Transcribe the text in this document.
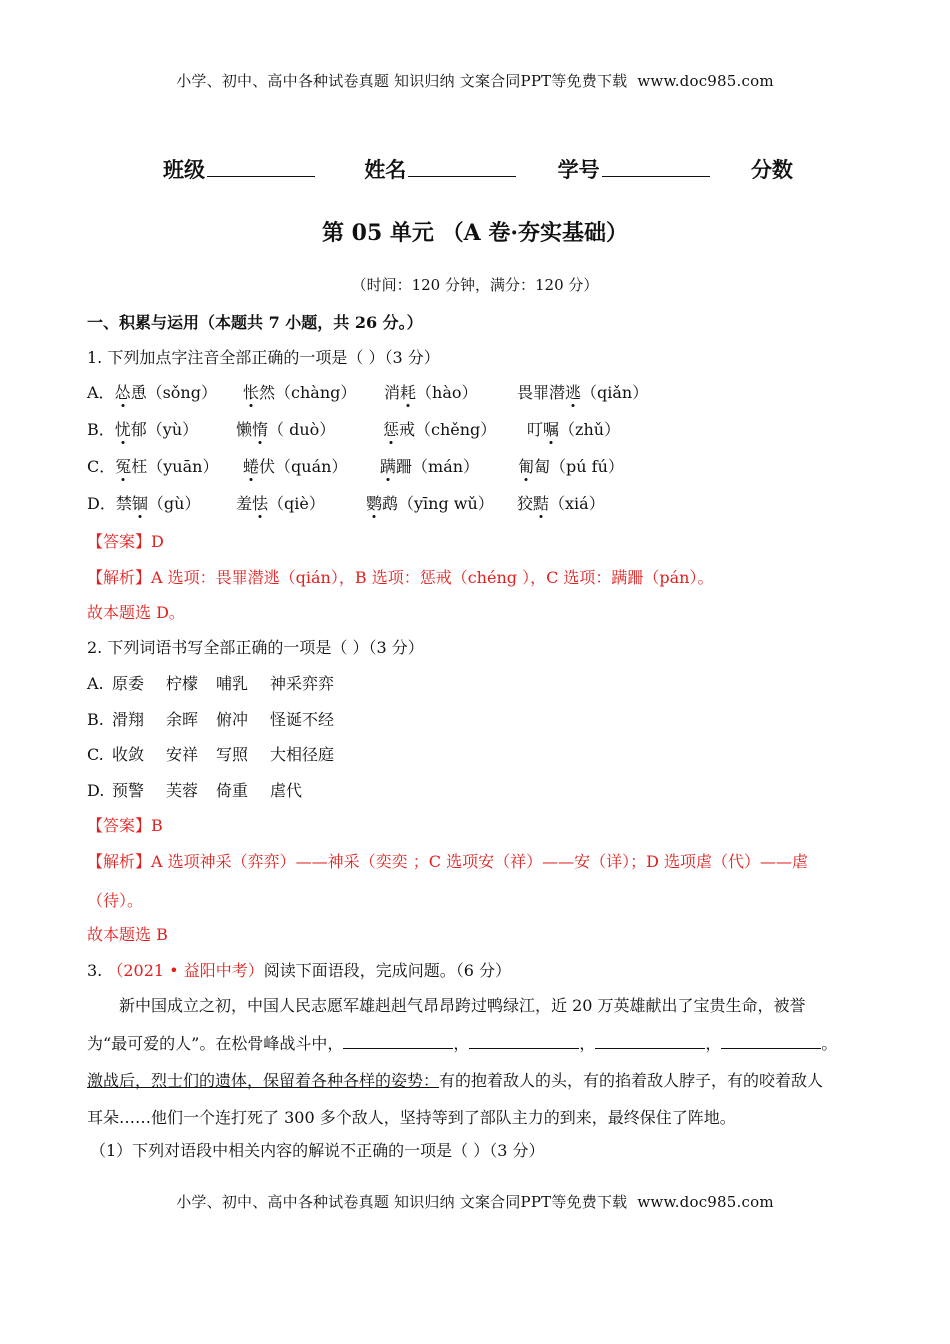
小学、初中、高中各种试卷真题 知识归纳 文案合同PPT等免费下载 www.doc985.com
班级	姓名	学号	分数
第 05 单元 （A 卷·夯实基础）
（时间：120 分钟，满分：120 分）
一、积累与运用（本题共 7 小题，共 26 分。）
1. 下列加点字注音全部正确的一项是（ ）（3 分）
A．怂恿（sǒng） 怅然（chàng） 消耗（hào） 畏罪潜逃（qiǎn）
B．忧郁（yù） 懒惰（ duò）	惩戒（chěng） 叮嘱（zhǔ）
C．冤枉（yuān） 蜷伏（quán） 蹒跚（mán） 匍匐（pú fú）
D．禁锢（gù） 羞怯（qiè）	鹦鹉（yīng wǔ） 狡黠（xiá）
【答案】D
【解析】A 选项：畏罪潜逃（qián），B 选项：惩戒（chéng ），C 选项：蹒跚（pán）。
故本题选 D。
2. 下列词语书写全部正确的一项是（ ）（3 分）
A. 原委 柠檬 哺乳 神采弈弈
B. 滑翔 余晖 俯冲 怪诞不经
C. 收敛 安祥 写照 大相径庭
D. 预警 芙蓉 倚重 虐代
【答案】B
【解析】A 选项神采（弈弈）——神采（奕奕 ；C 选项安（祥）——安（详）；D 选项虐（代）——虐
（待）。
故本题选 B
3. （2021 • 益阳中考）阅读下面语段，完成问题。（6 分）
新中国成立之初，中国人民志愿军雄赳赳气昂昂跨过鸭绿江，近 20 万英雄献出了宝贵生命，被誉
为“最可爱的人”。在松骨峰战斗中，	，	，	，	。
激战后，烈士们的遗体，保留着各种各样的姿势：有的抱着敌人的头，有的掐着敌人脖子，有的咬着敌人
耳朵……他们一个连打死了 300 多个敌人，坚持等到了部队主力的到来，最终保住了阵地。
（1）下列对语段中相关内容的解说不正确的一项是（ ）（3 分）
小学、初中、高中各种试卷真题 知识归纳 文案合同PPT等免费下载 www.doc985.com
